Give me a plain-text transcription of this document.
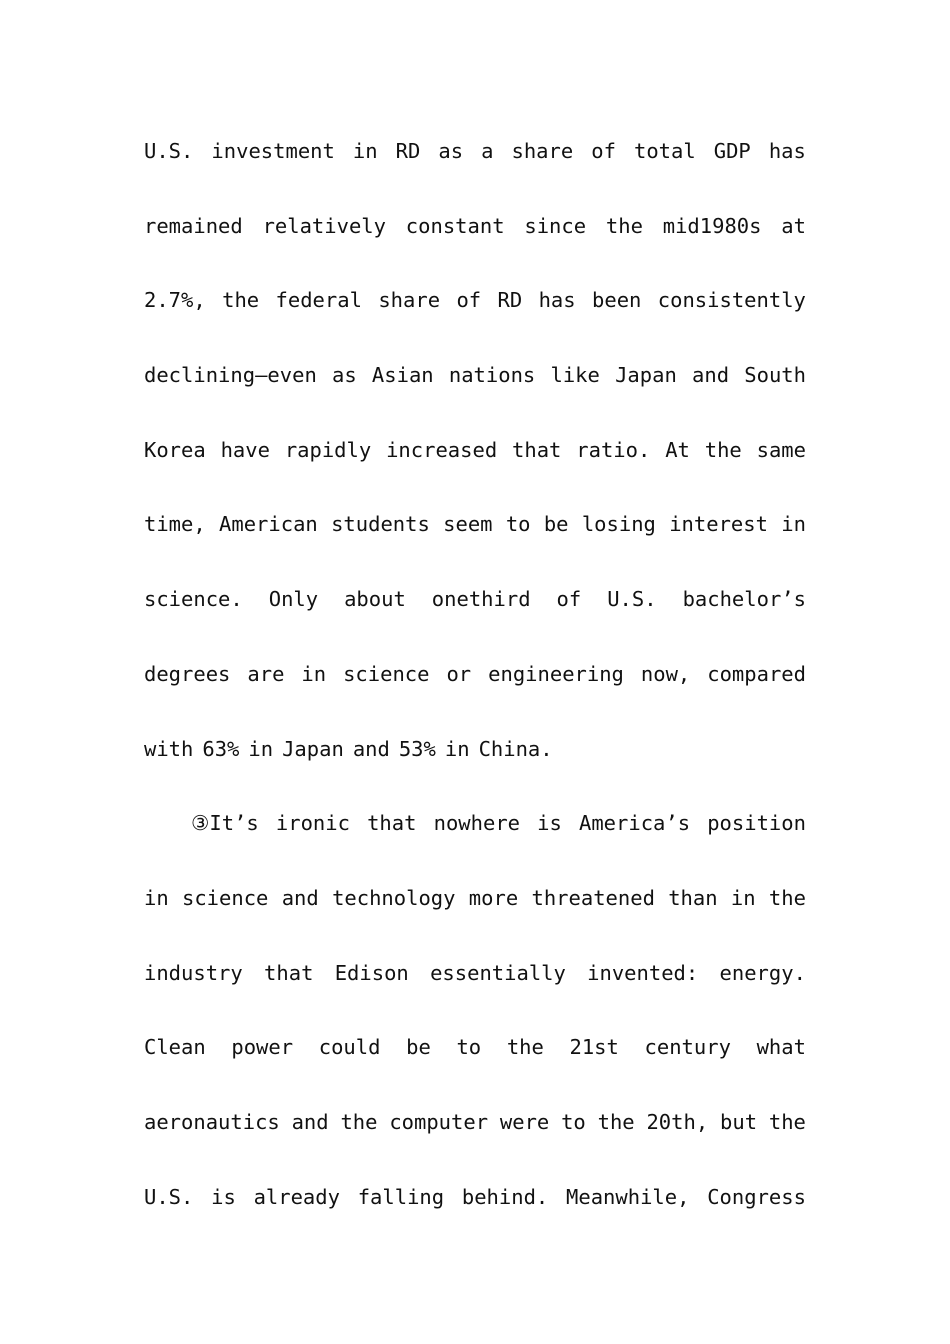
U.S. investment in RD as a share of total GDP has
remained relatively constant since the mid1980s at
2.7%, the federal share of RD has been consistently
declining—even as Asian nations like Japan and South
Korea have rapidly increased that ratio. At the same
time, American students seem to be losing interest in
science. Only about onethird of U.S. bachelor’s
degrees are in science or engineering now, compared
with 63% in Japan and 53% in China.
③It’s ironic that nowhere is America’s position
in science and technology more threatened than in the
industry that Edison essentially invented: energy.
Clean power could be to the 21st century what
aeronautics and the computer were to the 20th, but the
U.S. is already falling behind. Meanwhile, Congress
